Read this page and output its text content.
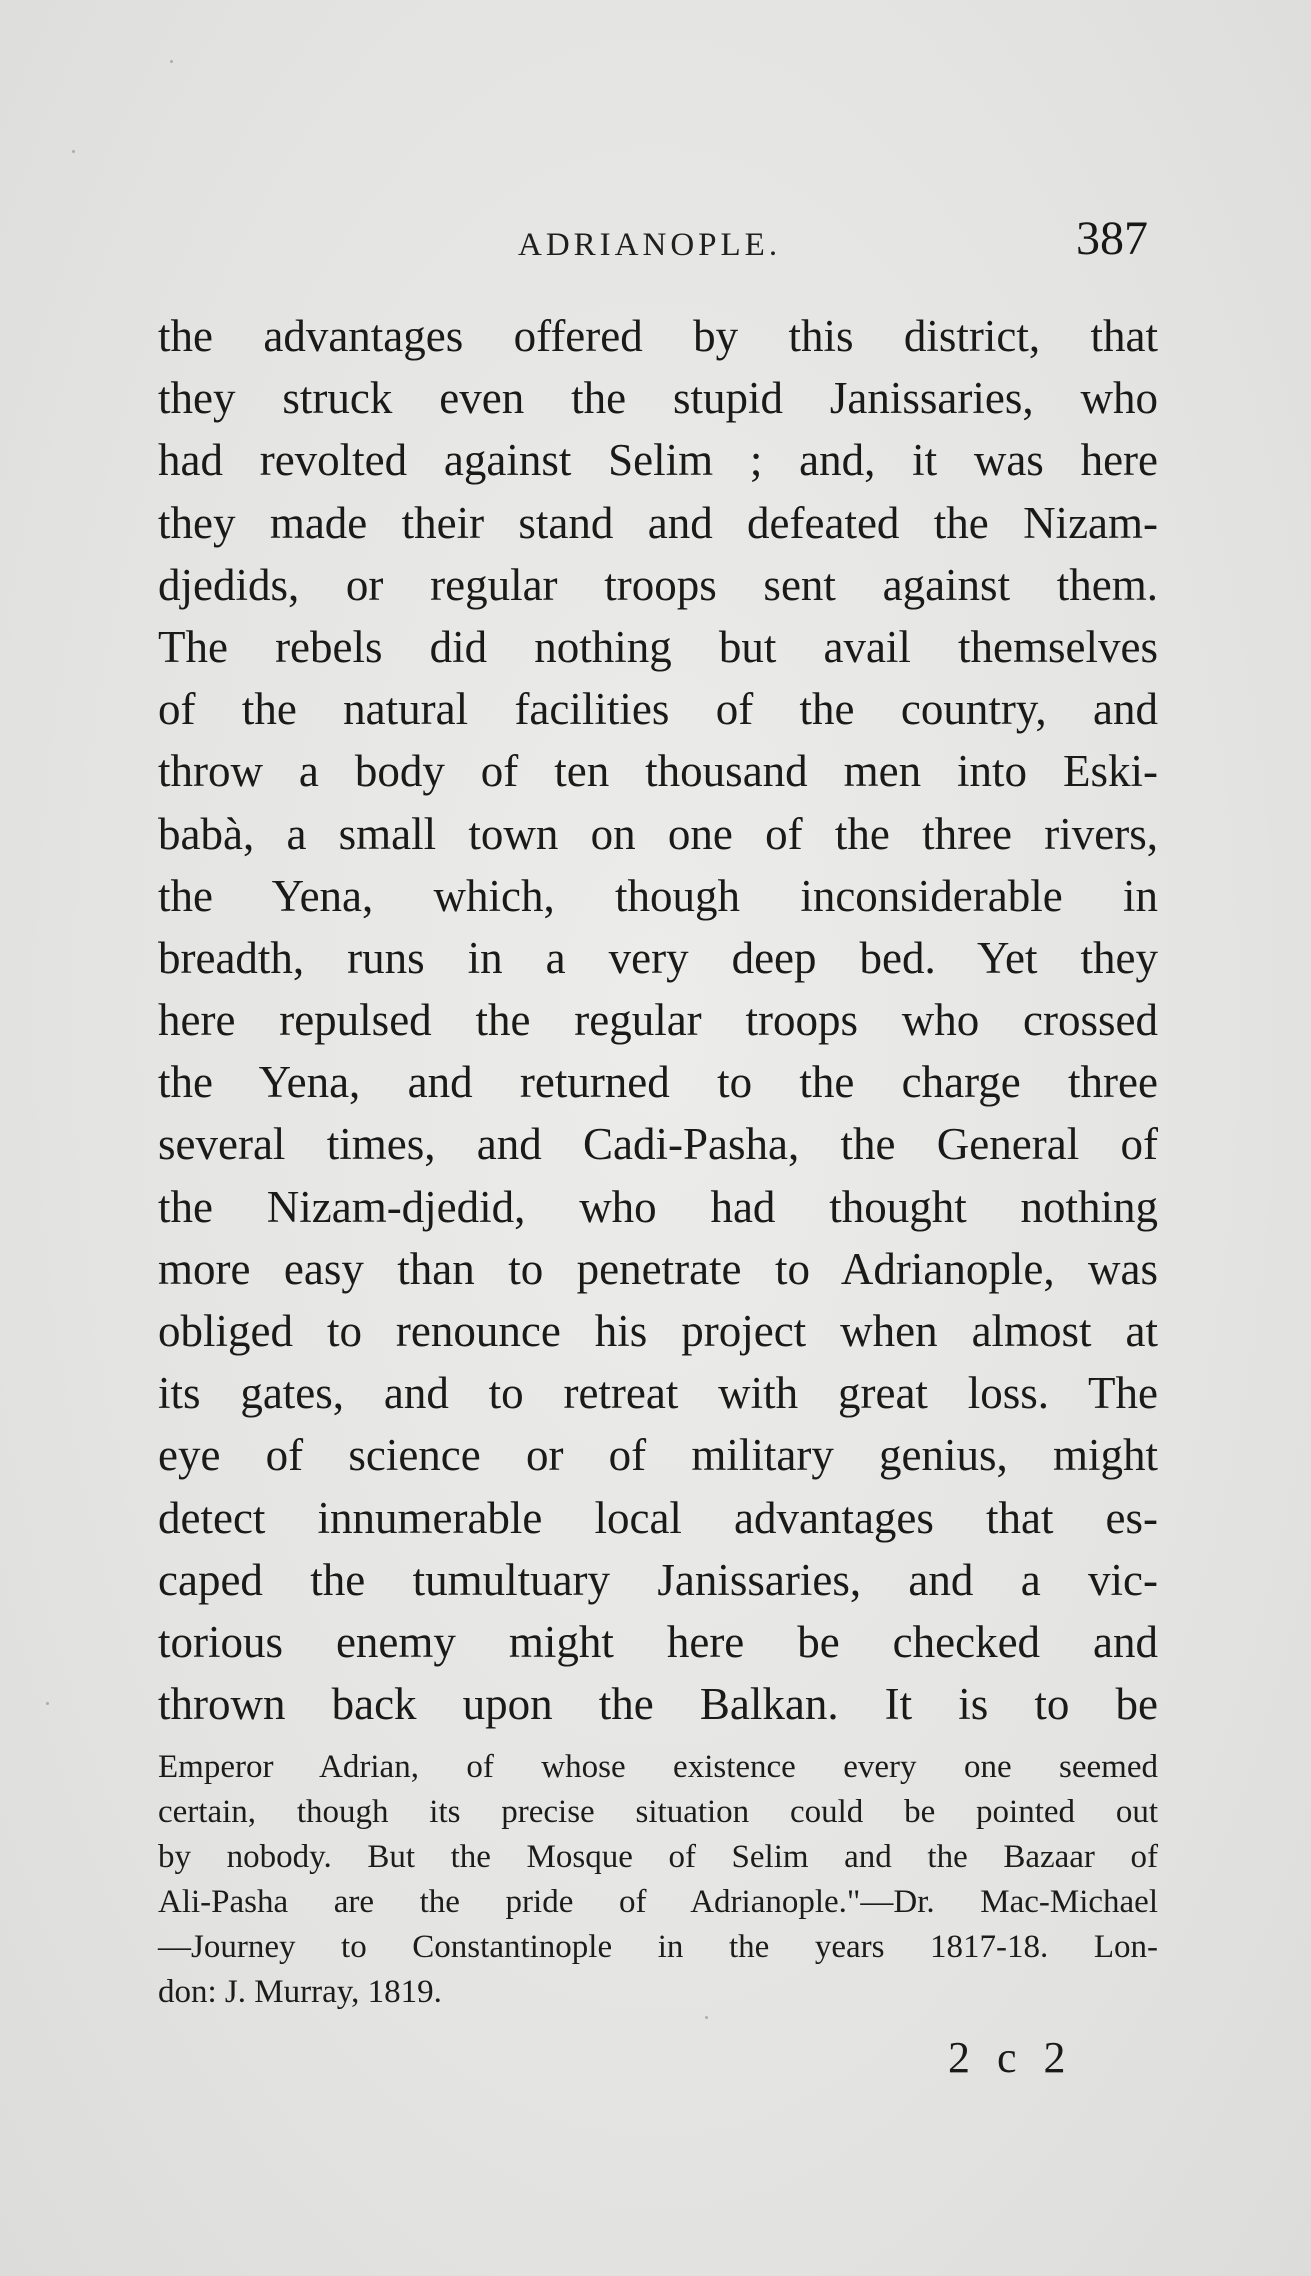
ADRIANOPLE.	387
the advantages offered by this district, that
they struck even the stupid Janissaries, who
had revolted against Selim ; and, it was here
they made their stand and defeated the Nizam-
djedids, or regular troops sent against them.
The rebels did nothing but avail themselves
of the natural facilities of the country, and
throw a body of ten thousand men into Eski-
babà, a small town on one of the three rivers,
the Yena, which, though inconsiderable in
breadth, runs in a very deep bed. Yet they
here repulsed the regular troops who crossed
the Yena, and returned to the charge three
several times, and Cadi-Pasha, the General of
the Nizam-djedid, who had thought nothing
more easy than to penetrate to Adrianople, was
obliged to renounce his project when almost at
its gates, and to retreat with great loss. The
eye of science or of military genius, might
detect innumerable local advantages that es-
caped the tumultuary Janissaries, and a vic-
torious enemy might here be checked and
thrown back upon the Balkan. It is to be
Emperor Adrian, of whose existence every one seemed
certain, though its precise situation could be pointed out
by nobody. But the Mosque of Selim and the Bazaar of
Ali-Pasha are the pride of Adrianople."—Dr. Mac-Michael
—Journey to Constantinople in the years 1817-18. Lon-
don: J. Murray, 1819.
2 c 2
